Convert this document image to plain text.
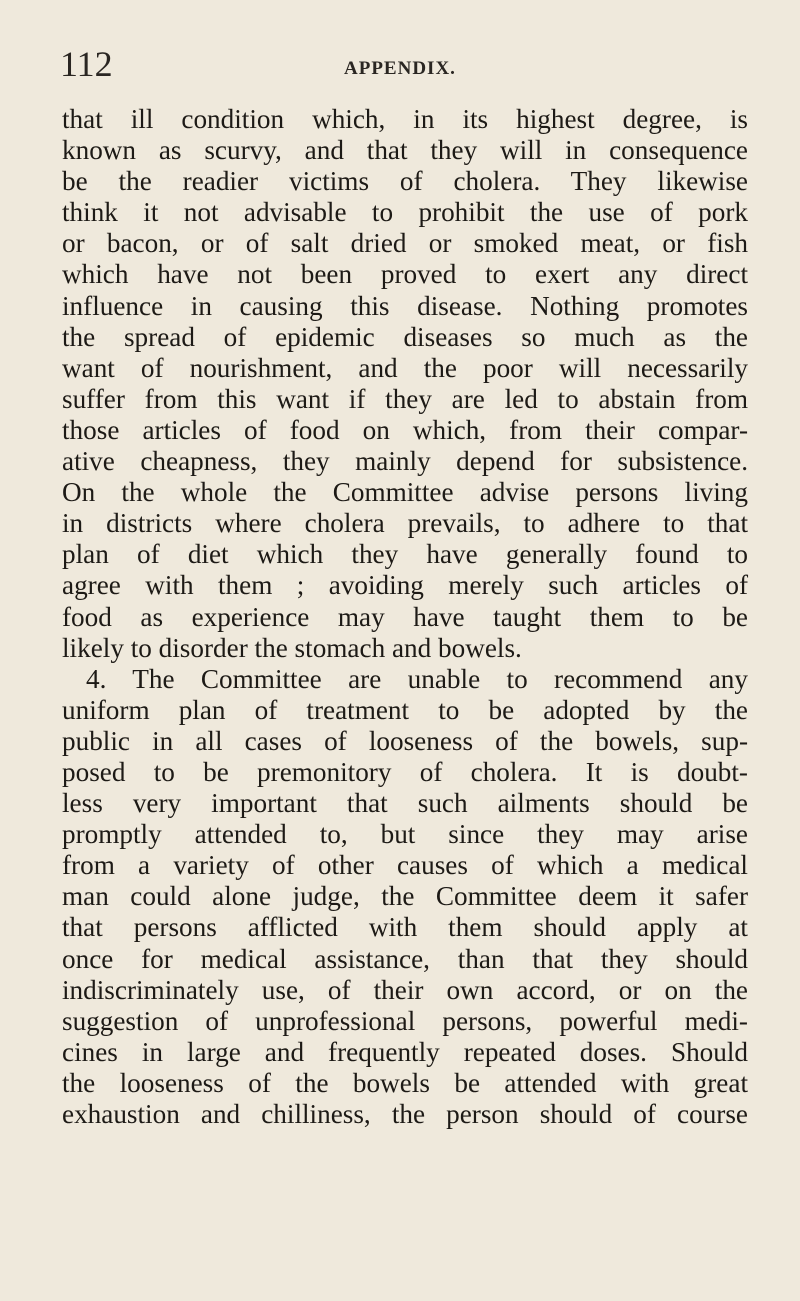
112	APPENDIX.
that ill condition which, in its highest degree, is
known as scurvy, and that they will in consequence
be the readier victims of cholera. They likewise
think it not advisable to prohibit the use of pork
or bacon, or of salt dried or smoked meat, or fish
which have not been proved to exert any direct
influence in causing this disease. Nothing promotes
the spread of epidemic diseases so much as the
want of nourishment, and the poor will necessarily
suffer from this want if they are led to abstain from
those articles of food on which, from their compar-
ative cheapness, they mainly depend for subsistence.
On the whole the Committee advise persons living
in districts where cholera prevails, to adhere to that
plan of diet which they have generally found to
agree with them ; avoiding merely such articles of
food as experience may have taught them to be
likely to disorder the stomach and bowels.
4. The Committee are unable to recommend any
uniform plan of treatment to be adopted by the
public in all cases of looseness of the bowels, sup-
posed to be premonitory of cholera. It is doubt-
less very important that such ailments should be
promptly attended to, but since they may arise
from a variety of other causes of which a medical
man could alone judge, the Committee deem it safer
that persons afflicted with them should apply at
once for medical assistance, than that they should
indiscriminately use, of their own accord, or on the
suggestion of unprofessional persons, powerful medi-
cines in large and frequently repeated doses. Should
the looseness of the bowels be attended with great
exhaustion and chilliness, the person should of course
